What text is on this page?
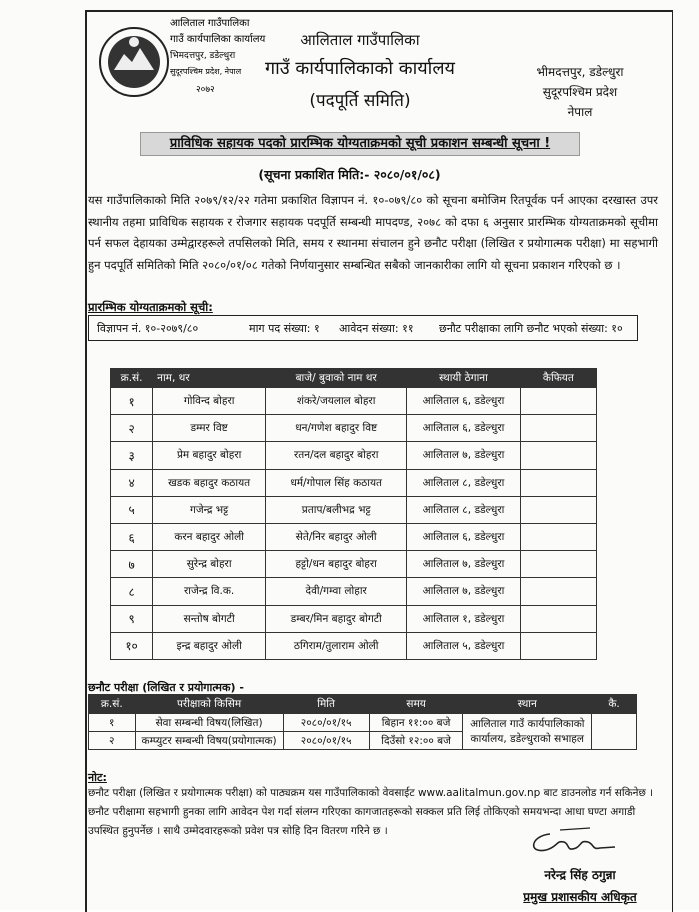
आलिताल गाउँपालिका
गाउँ कार्यपालिका कार्यालय
भिमदत्तपुर, डडेल्धुरा
सुदूरपश्चिम प्रदेश, नेपाल
२०७२
आलिताल गाउँपालिका
गाउँ कार्यपालिकाको कार्यालय
(पदपूर्ति समिति)
भीमदत्तपुर, डडेल्धुरा
सुदूरपश्चिम प्रदेश
नेपाल
प्राविधिक सहायक पदको प्रारम्भिक योग्यताक्रमको सूची प्रकाशन सम्बन्धी सूचना !
(सूचना प्रकाशित मिति:- २०८०/०१/०८)
यस गाउँपालिकाको मिति २०७९/१२/२२ गतेमा प्रकाशित विज्ञापन नं. १०-०७९/८० को सूचना बमोजिम रितपूर्वक पर्न आएका दरखास्त उपर स्थानीय तहमा प्राविधिक सहायक र रोजगार सहायक पदपूर्ति सम्बन्धी मापदण्ड, २०७८ को दफा ६ अनुसार प्रारम्भिक योग्यताक्रमको सूचीमा पर्न सफल देहायका उम्मेद्वारहरूले तपसिलको मिति, समय र स्थानमा संचालन हुने छनौट परीक्षा (लिखित र प्रयोगात्मक परीक्षा) मा सहभागी हुन पदपूर्ति समितिको मिति २०८०/०१/०८ गतेको निर्णयानुसार सम्बन्धित सबैको जानकारीका लागि यो सूचना प्रकाशन गरिएको छ ।
प्रारम्भिक योग्यताक्रमको सूची:
विज्ञापन नं. १०-२०७९/८०	माग पद संख्या: १ आवेदन संख्या: ११ छनौट परीक्षाका लागि छनौट भएको संख्या: १०
क्र.सं.	नाम, थर	बाजे/ बुवाको नाम थर	स्थायी ठेगाना	कैफियत
१	गोविन्द बोहरा	शंकरे/जयलाल बोहरा	आलिताल ६, डडेल्धुरा	
२	डम्मर विष्ट	धन/गणेश बहादुर विष्ट	आलिताल ६, डडेल्धुरा	
३	प्रेम बहादुर बोहरा	रतन/दल बहादुर बोहरा	आलिताल ७, डडेल्धुरा	
४	खडक बहादुर कठायत	धर्म/गोपाल सिंह कठायत	आलिताल ८, डडेल्धुरा	
५	गजेन्द्र भट्ट	प्रताप/बलीभद्र भट्ट	आलिताल ८, डडेल्धुरा	
६	करन बहादुर ओली	सेते/निर बहादुर ओली	आलिताल ६, डडेल्धुरा	
७	सुरेन्द्र बोहरा	हट्टो/धन बहादुर बोहरा	आलिताल ७, डडेल्धुरा	
८	राजेन्द्र वि.क.	देवी/गम्वा लोहार	आलिताल ७, डडेल्धुरा	
९	सन्तोष बोगटी	डम्बर/मिन बहादुर बोगटी	आलिताल १, डडेल्धुरा	
१०	इन्द्र बहादुर ओली	ठगिराम/तुलाराम ओली	आलिताल ५, डडेल्धुरा	
छनौट परीक्षा (लिखित र प्रयोगात्मक) -
क्र.सं.	परीक्षाको किसिम	मिति	समय	स्थान	कै.
१	सेवा सम्बन्धी विषय(लिखित)	२०८०/०१/१५	बिहान ११:०० बजे	आलिताल गाउँ कार्यपालिकाको कार्यालय, डडेल्धुराको सभाहल	
२	कम्प्युटर सम्बन्धी विषय(प्रयोगात्मक)	२०८०/०१/१५	दिउँसो १२:०० बजे		
नोट:
छनौट परीक्षा (लिखित र प्रयोगात्मक परीक्षा) को पाठ्यक्रम यस गाउँपालिकाको वेवसाईट www.aalitalmun.gov.np बाट डाउनलोड गर्न सकिनेछ । छनौट परीक्षामा सहभागी हुनका लागि आवेदन पेश गर्दा संलग्न गरिएका कागजातहरूको सक्कल प्रति लिई तोकिएको समयभन्दा आधा घण्टा अगाडी उपस्थित हुनुपर्नेछ । साथै उम्मेदवारहरूको प्रवेश पत्र सोहि दिन वितरण गरिने छ ।
नरेन्द्र सिंह ठगुन्ना
प्रमुख प्रशासकीय अधिकृत
